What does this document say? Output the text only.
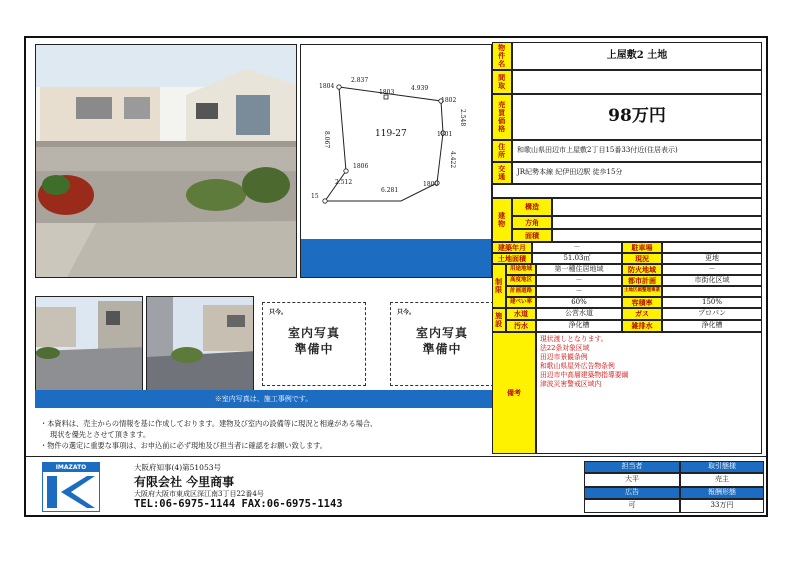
119-27
1804
1803
1802
1801
1800
1806
15
2.837
4.939
2.548
4.422
6.281
2.512
8.067
只今。
室内写真
準備中
只今。
室内写真
準備中
※室内写真は、施工事例です。
・本資料は、売主からの情報を基に作成しております。建物及び室内の設備等に現況と相違がある場合、
現状を優先とさせて頂きます。
・物件の選定に重要な事項は、お申込前に必ず現地及び担当者に確認をお願い致します。
物件名	上屋敷2 土地
間取
売買価格	98万円
住所 和歌山県田辺市上屋敷2丁目15番33付近(住居表示)
交通 JR紀勢本線 紀伊田辺駅 徒歩15分
建物
構造
方角
面積
建築年月	－	駐車場
土地面積	51.03㎡	現況	更地
制限
用途地域	第一種住居地域	防火地域	－
高度地区	－	都市計画	市街化区域
計画道路	－	土地区画整理事業
建ぺい率	60%	容積率	150%
施設 水道	公営水道	ガス	プロパン
汚水	浄化槽	雑排水	浄化槽
備考
現状渡しとなります。
法22条対象区域
田辺市景観条例
和歌山県屋外広告物条例
田辺市中高層建築物指導要綱
津波災害警戒区域内
IMAZATO	大阪府知事(4)第51053号
有限会社 今里商事
大阪府大阪市東成区深江南3丁目22番4号
TEL:06-6975-1144 FAX:06-6975-1143
担当者	取引態様
大平	売主
広告	報酬形態
可	33万円
